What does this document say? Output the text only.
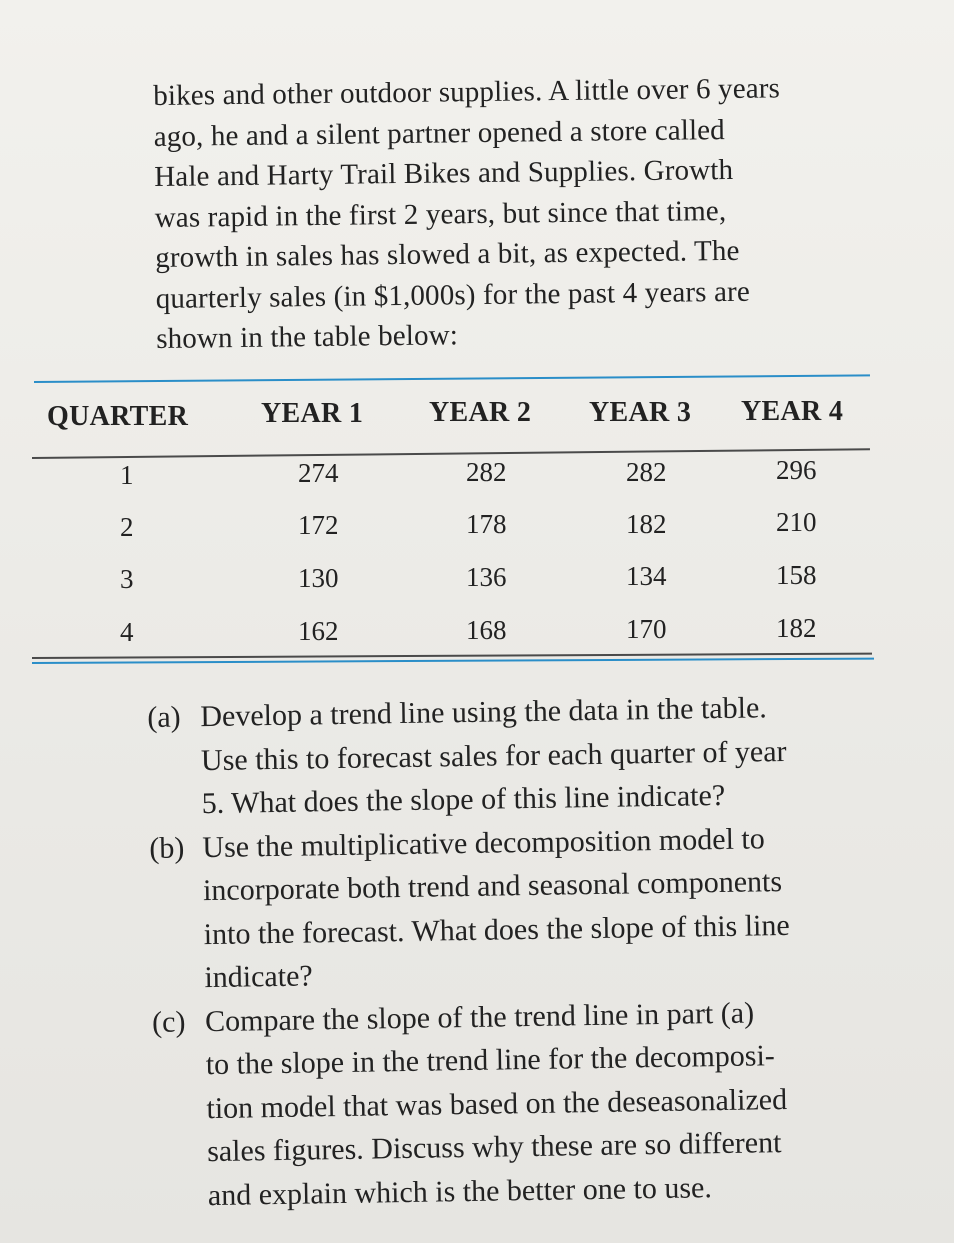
bikes and other outdoor supplies. A little over 6 years
ago, he and a silent partner opened a store called
Hale and Harty Trail Bikes and Supplies. Growth
was rapid in the first 2 years, but since that time,
growth in sales has slowed a bit, as expected. The
quarterly sales (in $1,000s) for the past 4 years are
shown in the table below:
QUARTER	YEAR 1 YEAR 2 YEAR 3 YEAR 4
1	274	282	282	296
2	172	178	182	210
3	130	136	134	158
4	162	168	170	182
(a) Develop a trend line using the data in the table.
Use this to forecast sales for each quarter of year
5. What does the slope of this line indicate?
(b) Use the multiplicative decomposition model to
incorporate both trend and seasonal components
into the forecast. What does the slope of this line
indicate?
(c) Compare the slope of the trend line in part (a)
to the slope in the trend line for the decomposi-
tion model that was based on the deseasonalized
sales figures. Discuss why these are so different
and explain which is the better one to use.
